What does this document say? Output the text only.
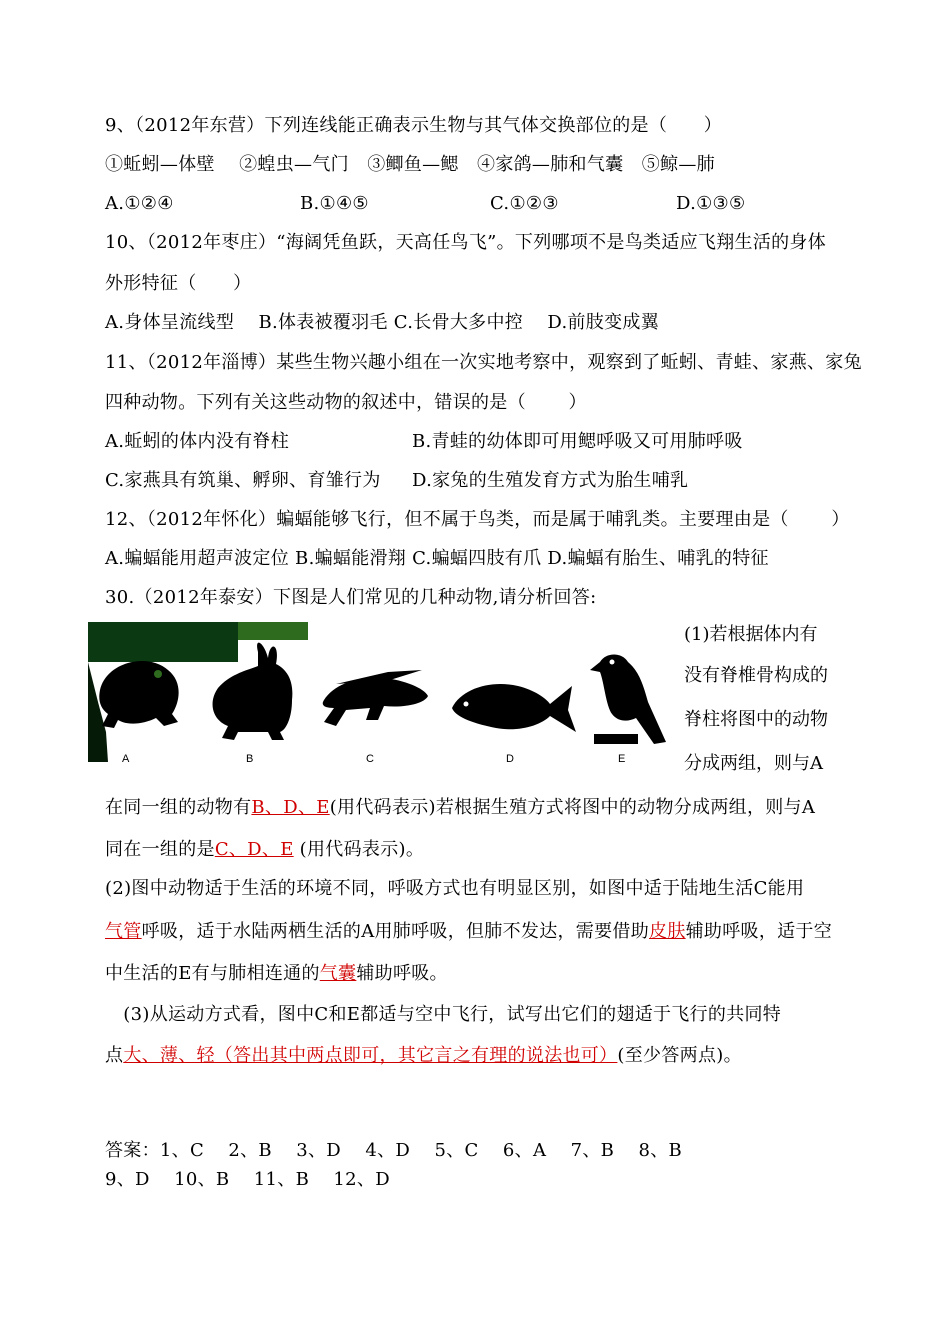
9、（2012年东营）下列连线能正确表示生物与其气体交换部位的是（　　）
①蚯蚓—体壁　 ②蝗虫—气门　③鲫鱼—鳃　④家鸽—肺和气囊　⑤鲸—肺
A.①②④	B.①④⑤	C.①②③	D.①③⑤
10、（2012年枣庄）“海阔凭鱼跃，天高任鸟飞”。下列哪项不是鸟类适应飞翔生活的身体
外形特征（　　）
A.身体呈流线型　 B.体表被覆羽毛 C.长骨大多中控　 D.前肢变成翼
11、（2012年淄博）某些生物兴趣小组在一次实地考察中，观察到了蚯蚓、青蛙、家燕、家兔
四种动物。下列有关这些动物的叙述中，错误的是（　　 ）
A.蚯蚓的体内没有脊柱	B.青蛙的幼体即可用鳃呼吸又可用肺呼吸
C.家燕具有筑巢、孵卵、育雏行为 D.家兔的生殖发育方式为胎生哺乳
12、（2012年怀化）蝙蝠能够飞行，但不属于鸟类，而是属于哺乳类。主要理由是（　　 ）
A.蝙蝠能用超声波定位 B.蝙蝠能滑翔 C.蝙蝠四肢有爪 D.蝙蝠有胎生、哺乳的特征
30.（2012年泰安）下图是人们常见的几种动物,请分析回答:
A	B	C	D	E
(1)若根据体内有
没有脊椎骨构成的
脊柱将图中的动物
分成两组，则与A
在同一组的动物有B、D、E(用代码表示)若根据生殖方式将图中的动物分成两组，则与A
同在一组的是C、D、E (用代码表示)。
(2)图中动物适于生活的环境不同，呼吸方式也有明显区别，如图中适于陆地生活C能用
气管呼吸，适于水陆两栖生活的A用肺呼吸，但肺不发达，需要借助皮肤辅助呼吸，适于空
中生活的E有与肺相连通的气囊辅助呼吸。
　(3)从运动方式看，图中C和E都适与空中飞行，试写出它们的翅适于飞行的共同特
点大、薄、轻（答出其中两点即可，其它言之有理的说法也可）(至少答两点)。
答案：1、C　 2、B　 3、D　 4、D　 5、C　 6、A　 7、B　 8、B
9、D　 10、B　 11、B　 12、D
